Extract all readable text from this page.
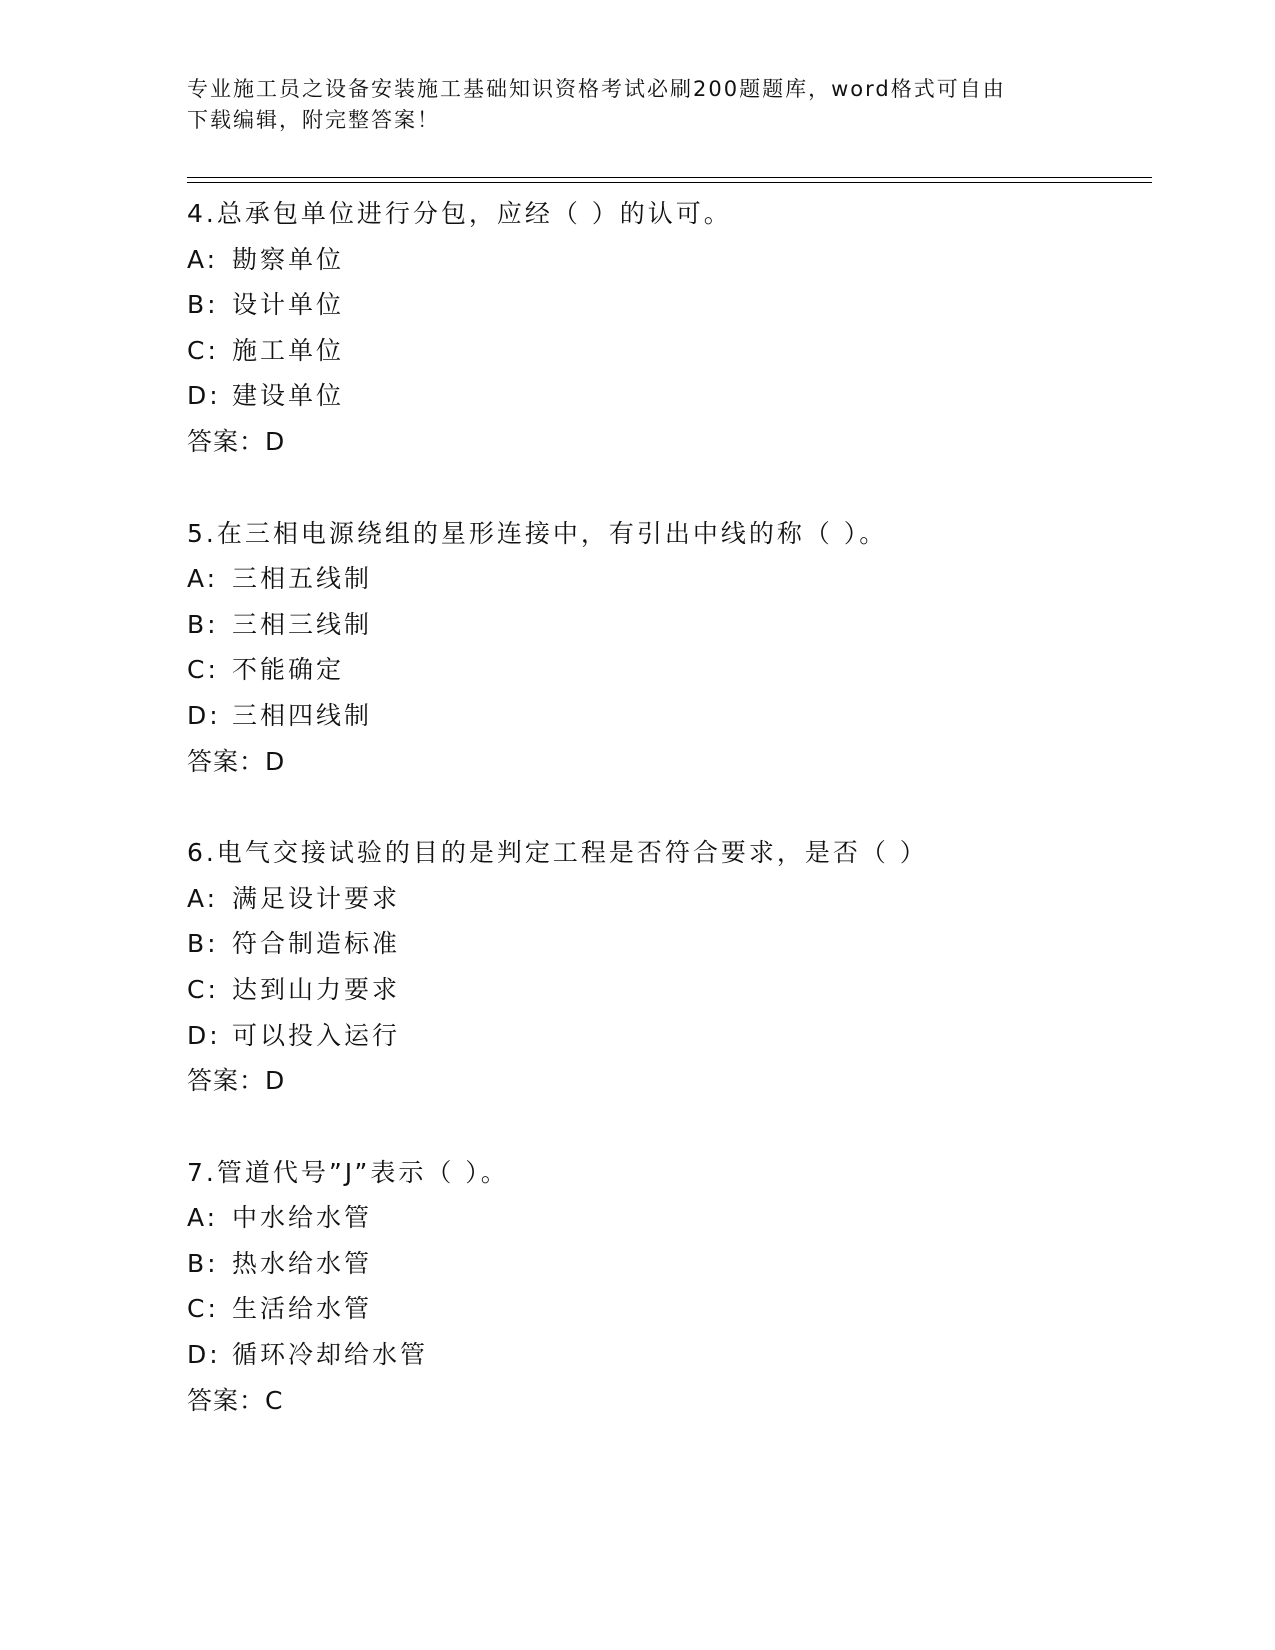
专业施工员之设备安装施工基础知识资格考试必刷200题题库，word格式可自由
下载编辑，附完整答案！
4.总承包单位进行分包，应经（ ）的认可。
A: 勘察单位
B: 设计单位
C: 施工单位
D: 建设单位
答案：D
5.在三相电源绕组的星形连接中，有引出中线的称（ ）。
A: 三相五线制
B: 三相三线制
C: 不能确定
D: 三相四线制
答案：D
6.电气交接试验的目的是判定工程是否符合要求，是否（ ）
A: 满足设计要求
B: 符合制造标准
C: 达到山力要求
D: 可以投入运行
答案：D
7.管道代号”J”表示（ ）。
A: 中水给水管
B: 热水给水管
C: 生活给水管
D: 循环冷却给水管
答案：C
